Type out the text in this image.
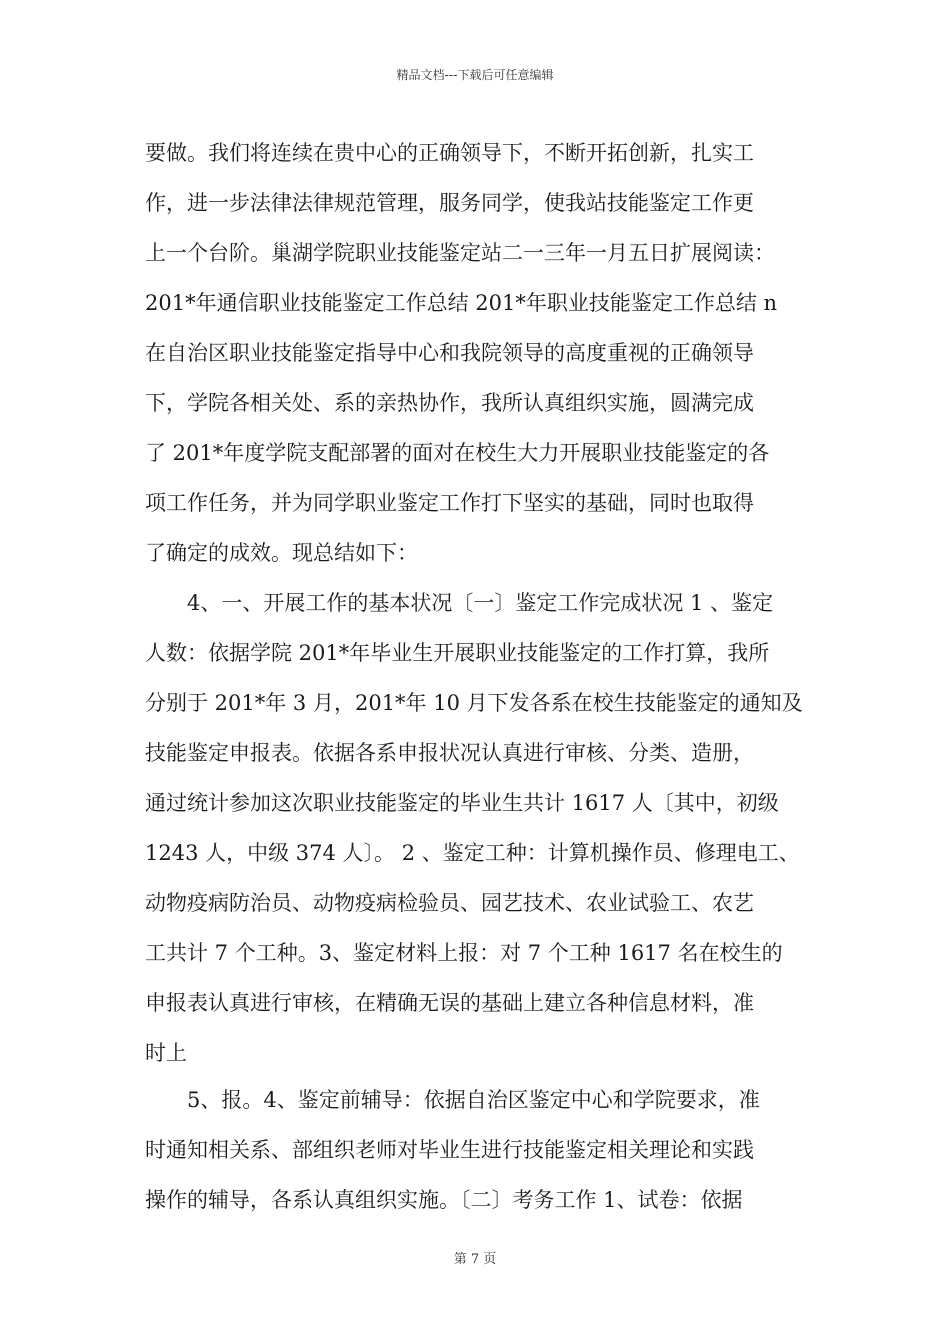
精品文档---下载后可任意编辑
要做。我们将连续在贵中心的正确领导下，不断开拓创新，扎实工
作，进一步法律法律规范管理，服务同学，使我站技能鉴定工作更
上一个台阶。巢湖学院职业技能鉴定站二一三年一月五日扩展阅读：
201*年通信职业技能鉴定工作总结 201*年职业技能鉴定工作总结 n
在自治区职业技能鉴定指导中心和我院领导的高度重视的正确领导
下，学院各相关处、系的亲热协作，我所认真组织实施，圆满完成
了 201*年度学院支配部署的面对在校生大力开展职业技能鉴定的各
项工作任务，并为同学职业鉴定工作打下坚实的基础，同时也取得
了确定的成效。现总结如下：
　　4、一、开展工作的基本状况〔一〕鉴定工作完成状况 1 、鉴定
人数：依据学院 201*年毕业生开展职业技能鉴定的工作打算，我所
分别于 201*年 3 月，201*年 10 月下发各系在校生技能鉴定的通知及
技能鉴定申报表。依据各系申报状况认真进行审核、分类、造册，
通过统计参加这次职业技能鉴定的毕业生共计 1617 人〔其中，初级
1243 人，中级 374 人〕。 2 、鉴定工种：计算机操作员、修理电工、
动物疫病防治员、动物疫病检验员、园艺技术、农业试验工、农艺
工共计 7 个工种。3、鉴定材料上报：对 7 个工种 1617 名在校生的
申报表认真进行审核，在精确无误的基础上建立各种信息材料，准
时上
　　5、报。4、鉴定前辅导：依据自治区鉴定中心和学院要求，准
时通知相关系、部组织老师对毕业生进行技能鉴定相关理论和实践
操作的辅导，各系认真组织实施。〔二〕考务工作 1、试卷：依据
第 7 页
